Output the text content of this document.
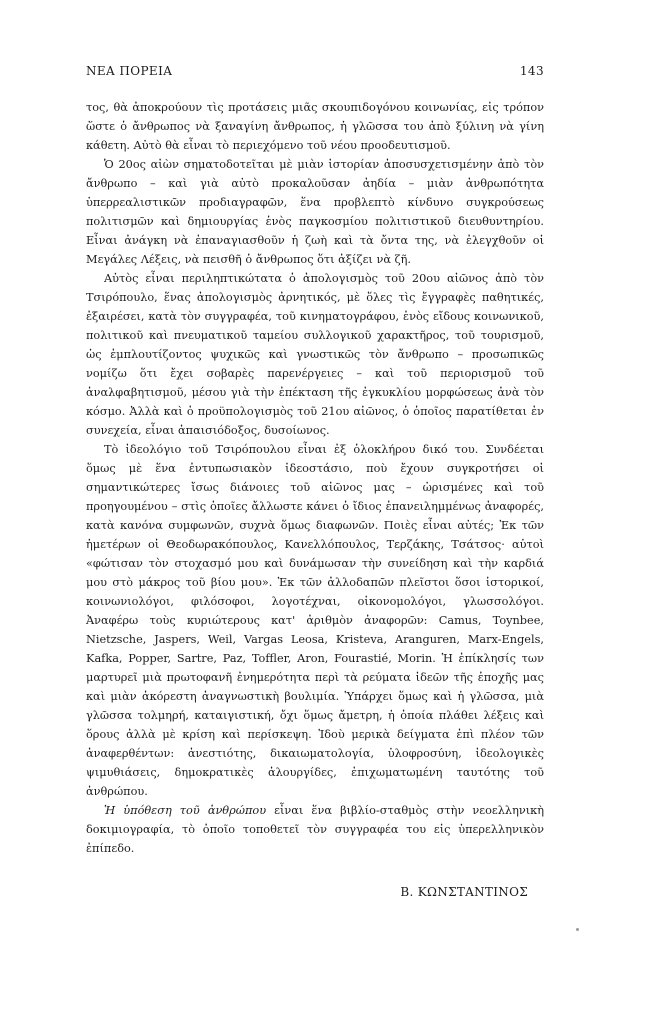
ΝΕΑ ΠΟΡΕΙΑ	143

τος, θὰ ἀποκρούουν τὶς προτάσεις μιᾶς σκουπιδογόνου κοινωνίας, εἰς τρόπον ὥστε ὁ ἄνθρωπος νὰ ξαναγίνη ἄνθρωπος, ἡ γλῶσσα του ἀπὸ ξύλινη νὰ γίνη κάθετη. Αὐτὸ θὰ εἶναι τὸ περιεχόμενο τοῦ νέου προοδευτισμοῦ.

Ὁ 20ος αἰὼν σηματοδοτεῖται μὲ μιὰν ἱστορίαν ἀποσυσχετισμένην ἀπὸ τὸν ἄνθρωπο – καὶ γιὰ αὐτὸ προκαλοῦσαν ἀηδία – μιὰν ἀνθρωπότητα ὑπερρεαλιστικῶν προδιαγραφῶν, ἕνα προβλεπτὸ κίνδυνο συγκρούσεως πολιτισμῶν καὶ δημιουργίας ἑνὸς παγκοσμίου πολιτιστικοῦ διευθυντηρίου. Εἶναι ἀνάγκη νὰ ἐπαναγιασθοῦν ἡ ζωὴ καὶ τὰ ὄντα της, νὰ ἐλεγχθοῦν οἱ Μεγάλες Λέξεις, νὰ πεισθῆ ὁ ἄνθρωπος ὅτι ἀξίζει νὰ ζῆ.

Αὐτὸς εἶναι περιληπτικώτατα ὁ ἀπολογισμὸς τοῦ 20ου αἰῶνος ἀπὸ τὸν Τσιρόπουλο, ἕνας ἀπολογισμὸς ἀρνητικός, μὲ ὅλες τὶς ἔγγραφὲς παθητικές, ἐξαιρέσει, κατὰ τὸν συγγραφέα, τοῦ κινηματογράφου, ἑνὸς εἴδους κοινωνικοῦ, πολιτικοῦ καὶ πνευματικοῦ ταμείου συλλογικοῦ χαρακτῆρος, τοῦ τουρισμοῦ, ὡς ἐμπλουτίζοντος ψυχικῶς καὶ γνωστικῶς τὸν ἄνθρωπο – προσωπικῶς νομίζω ὅτι ἔχει σοβαρὲς παρενέργειες – καὶ τοῦ περιορισμοῦ τοῦ ἀναλφαβητισμοῦ, μέσου γιὰ τὴν ἐπέκταση τῆς ἐγκυκλίου μορφώσεως ἀνὰ τὸν κόσμο. Ἀλλὰ καὶ ὁ προϋπολογισμὸς τοῦ 21ου αἰῶνος, ὁ ὁποῖος παρατίθεται ἐν συνεχεία, εἶναι ἀπαισιόδοξος, δυσοίωνος.

Τὸ ἰδεολόγιο τοῦ Τσιρόπουλου εἶναι ἐξ ὁλοκλήρου δικό του. Συνδέεται ὅμως μὲ ἕνα ἐντυπωσιακὸν ἰδεοστάσιο, ποὺ ἔχουν συγκροτήσει οἱ σημαντικώτερες ἴσως διάνοιες τοῦ αἰῶνος μας – ὡρισμένες καὶ τοῦ προηγουμένου – στὶς ὁποῖες ἄλλωστε κάνει ὁ ἴδιος ἐπανειλημμένως ἀναφορές, κατὰ κανόνα συμφωνῶν, συχνὰ ὅμως διαφωνῶν. Ποιὲς εἶναι αὐτές; Ἐκ τῶν ἡμετέρων οἱ Θεοδωρακόπουλος, Κανελλόπουλος, Τερζάκης, Τσάτσος· αὐτοὶ «φώτισαν τὸν στοχασμό μου καὶ δυνάμωσαν τὴν συνείδηση καὶ τὴν καρδιά μου στὸ μάκρος τοῦ βίου μου». Ἐκ τῶν ἀλλοδαπῶν πλεῖστοι ὅσοι ἱστορικοί, κοινωνιολόγοι, φιλόσοφοι, λογοτέχναι, οἰκονομολόγοι, γλωσσολόγοι. Ἀναφέρω τοὺς κυριώτερους κατ' ἀριθμὸν ἀναφορῶν: Camus, Toynbee, Nietzsche, Jaspers, Weil, Vargas Leosa, Kristeva, Aranguren, Marx-Engels, Kafka, Popper, Sartre, Paz, Toffler, Aron, Fourastié, Morin. Ἡ ἐπίκλησίς των μαρτυρεῖ μιὰ πρωτοφανῆ ἐνημερότητα περὶ τὰ ρεύματα ἰδεῶν τῆς ἐποχῆς μας καὶ μιὰν ἀκόρεστη ἀναγνωστικὴ βουλιμία. Ὑπάρχει ὅμως καὶ ἡ γλῶσσα, μιὰ γλῶσσα τολμηρή, καταιγιστική, ὄχι ὅμως ἄμετρη, ἡ ὁποία πλάθει λέξεις καὶ ὅρους ἀλλὰ μὲ κρίση καὶ περίσκεψη. Ἰδοὺ μερικὰ δείγματα ἐπὶ πλέον τῶν ἀναφερθέντων: ἀνεστιότης, δικαιωματολογία, ὑλοφροσύνη, ἰδεολογικὲς ψιμυθιάσεις, δημοκρατικὲς ἀλουργίδες, ἐπιχωματωμένη ταυτότης τοῦ ἀνθρώπου.

Ἡ ὑπόθεση τοῦ ἀνθρώπου εἶναι ἕνα βιβλίο-σταθμὸς στὴν νεοελληνικὴ δοκιμιογραφία, τὸ ὁποῖο τοποθετεῖ τὸν συγγραφέα του εἰς ὑπερελληνικὸν ἐπίπεδο.

Β. ΚΩΝΣΤΑΝΤΙΝΟΣ
